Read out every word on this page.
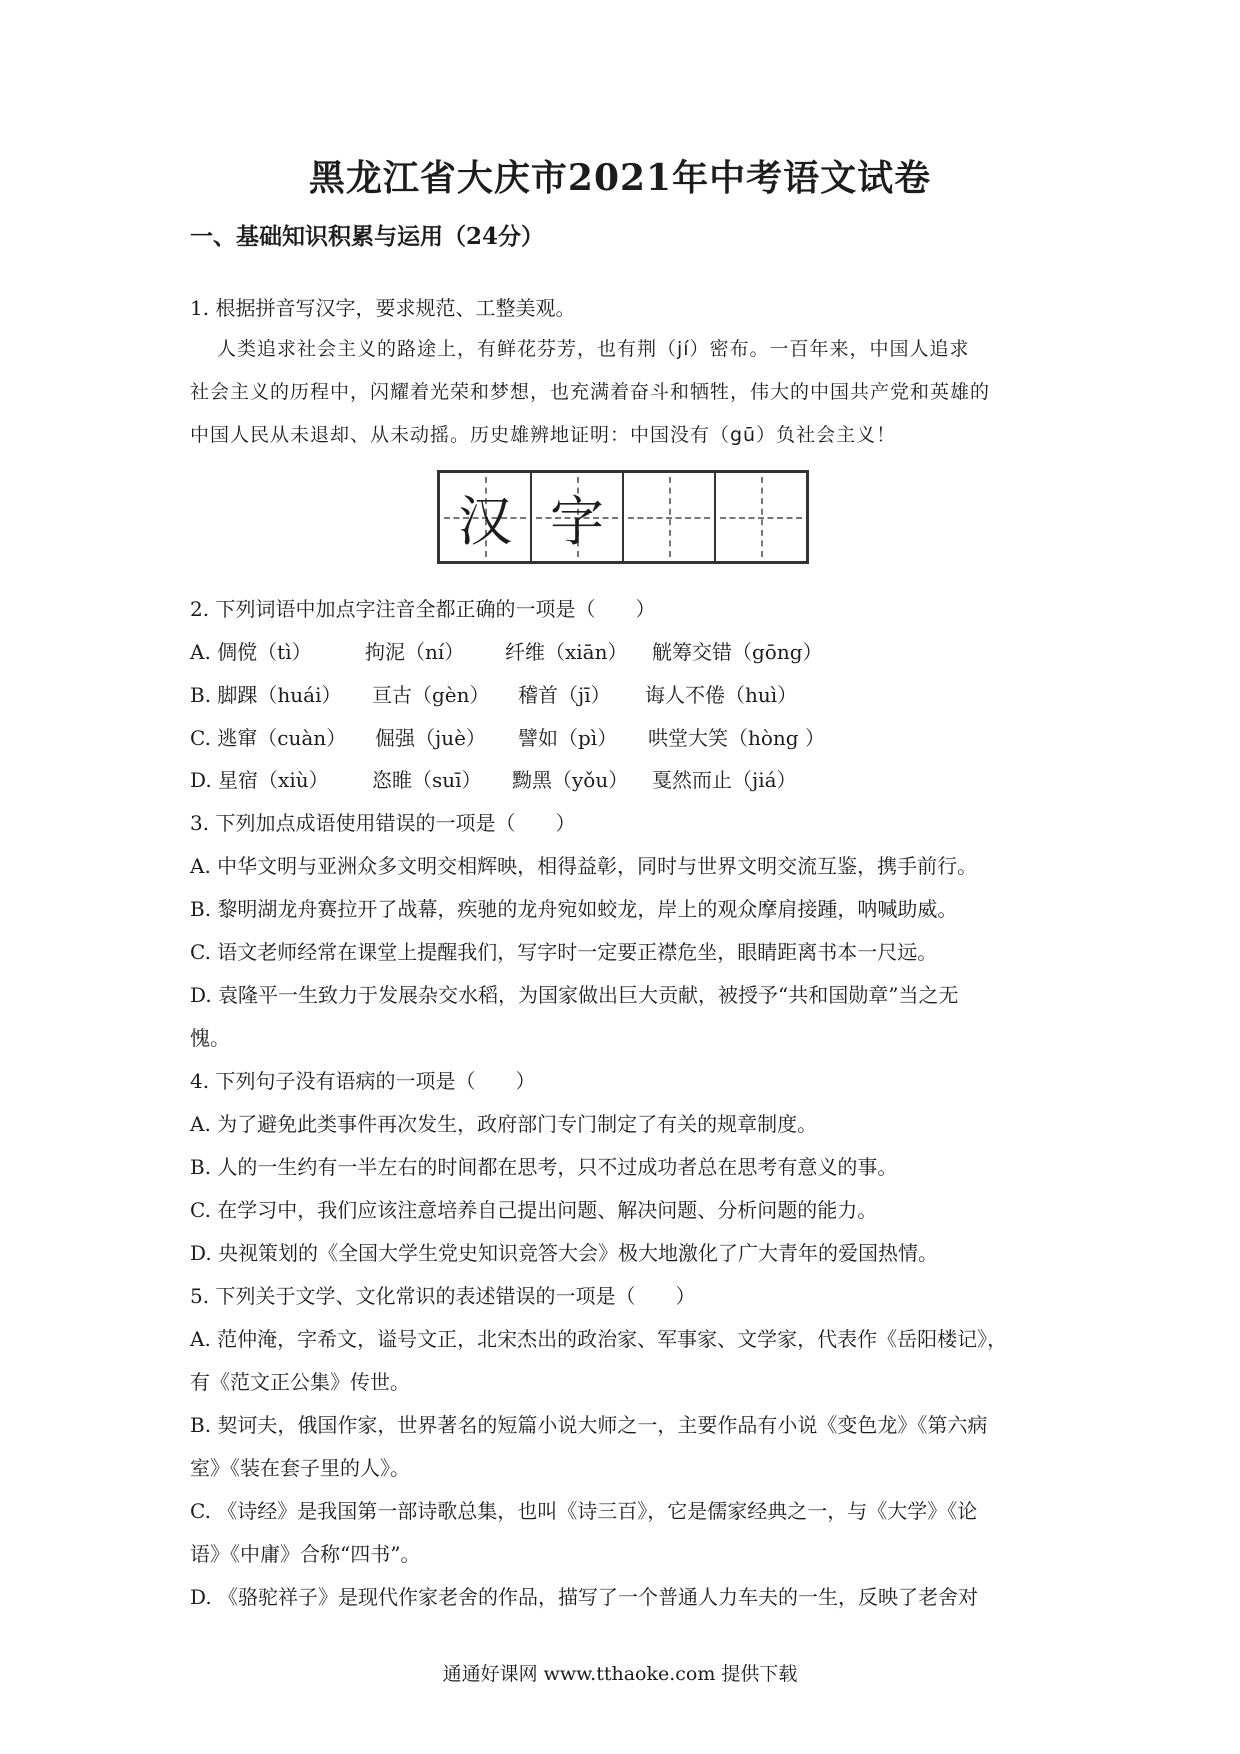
黑龙江省大庆市2021年中考语文试卷
一、基础知识积累与运用（24分）
1. 根据拼音写汉字，要求规范、工整美观。
人类追求社会主义的路途上，有鲜花芬芳，也有荆（jí）密布。一百年来，中国人追求
社会主义的历程中，闪耀着光荣和梦想，也充满着奋斗和牺牲，伟大的中国共产党和英雄的
中国人民从未退却、从未动摇。历史雄辨地证明：中国没有（gū）负社会主义！
汉 字
2. 下列词语中加点字注音全都正确的一项是（　　）
A. 倜傥（tì）	拘泥（ní） 纤维（xiān） 觥筹交错（gōng）
B. 脚踝（huái） 亘古（gèn） 稽首（jī） 诲人不倦（huì）
C. 逃窜（cuàn） 倔强（juè） 譬如（pì） 哄堂大笑（hòng ）
D. 星宿（xiù） 恣睢（suī） 黝黑（yǒu） 戛然而止（jiá）
3. 下列加点成语使用错误的一项是（　　）
A. 中华文明与亚洲众多文明交相辉映，相得益彰，同时与世界文明交流互鉴，携手前行。
B. 黎明湖龙舟赛拉开了战幕，疾驰的龙舟宛如蛟龙，岸上的观众摩肩接踵，呐喊助威。
C. 语文老师经常在课堂上提醒我们，写字时一定要正襟危坐，眼睛距离书本一尺远。
D. 袁隆平一生致力于发展杂交水稻，为国家做出巨大贡献，被授予“共和国勋章”当之无
愧。
4. 下列句子没有语病的一项是（　　）
A. 为了避免此类事件再次发生，政府部门专门制定了有关的规章制度。
B. 人的一生约有一半左右的时间都在思考，只不过成功者总在思考有意义的事。
C. 在学习中，我们应该注意培养自己提出问题、解决问题、分析问题的能力。
D. 央视策划的《全国大学生党史知识竞答大会》极大地激化了广大青年的爱国热情。
5. 下列关于文学、文化常识的表述错误的一项是（　　）
A. 范仲淹，字希文，谥号文正，北宋杰出的政治家、军事家、文学家，代表作《岳阳楼记》，
有《范文正公集》传世。
B. 契诃夫，俄国作家，世界著名的短篇小说大师之一，主要作品有小说《变色龙》《第六病
室》《装在套子里的人》。
C. 《诗经》是我国第一部诗歌总集，也叫《诗三百》，它是儒家经典之一，与《大学》《论
语》《中庸》合称“四书”。
D. 《骆驼祥子》是现代作家老舍的作品，描写了一个普通人力车夫的一生，反映了老舍对
通通好课网 www.tthaoke.com 提供下载
